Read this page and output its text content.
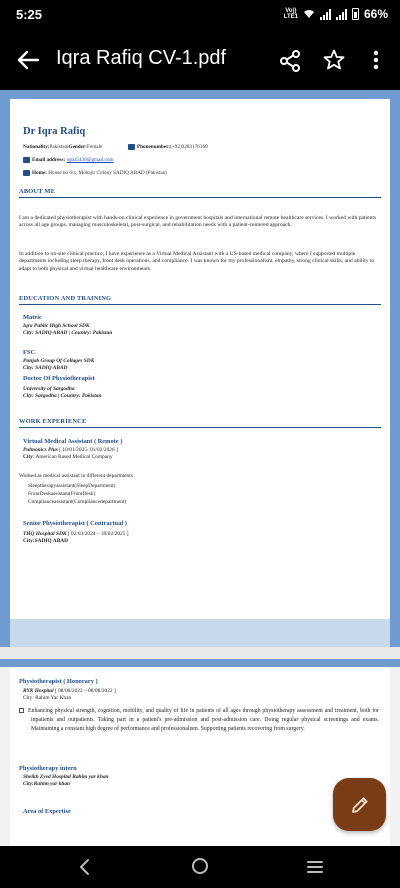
5:25	Vo))
LTE1	66%
Iqra Rafiq CV-1.pdf
Dr Iqra Rafiq
Nationality:PakistaniGender:Female	Phonenumber:(+92)3283176360
Email address: iqrar5430@gmail.com
Home: House no 6/x, Mohajir Colony SADIQ ABAD (Pakistan)
ABOUT ME
I am a dedicated physiotherapist with hands-on clinical experience in government hospitals and international remote healthcare services. I worked with patients across all age groups, managing musculoskeletal, post-surgical, and rehabilitation needs with a patient-centered approach.
In addition to on-site clinical practice, I have experience as a Virtual Medical Assistant with a US-based medical company, where I supported multiple departments including sleep therapy, front desk operations, and compliance. I was known for my professionalism, empathy, strong clinical skills, and ability to adapt to both physical and virtual healthcare environments.
EDUCATION AND TRAINING
Matric
Iqra Public High School SDK
City: SADIQ ABAD | Country: Pakistan
FSC
Punjab Group Of Collages SDK
City: SADIQ ABAD
Doctor Of Physiotherapist
University of Sargodha
City: Sargodha | Country: Pakistan
WORK EXPERIENCE
Virtual Medical Assistant ( Remote )
Pulmonics Plus [ 10/01/2025- 01/02/2026 ]
City: American Based Medical Company
Worked as medical assistant in different departments
Sleeptherapyassistant(SleepDepartment)
FrontDeskassistant(FrontDesk)
Complianceassistant(Compliancedepartment)
Senior Physiotherapist ( Contractual )
THQ Hospital SDK [ 02/03/2024 – 30/02/2025 ]
City:SADIQ ABAD
Physiotherapist ( Honorary )
RYK Hospital [ 08/06/2022 – 08/08/2022 ]
City: Rahim Yar Khan
Enhancing physical strength, cognition, mobility, and quality of life in patients of all ages through physiotherapy assessment and treatment, both for inpatients and outpatients. Taking part in a patient's pre-admission and post-admission care. Doing regular physical screenings and exams. Maintaining a constant high degree of performance and professionalism. Supporting patients recovering from surgery.
Physiotherapy intern
Sheikh Zyed Hospital Rahim yar khan
City:Rahim yar khan
Area of Expertise
